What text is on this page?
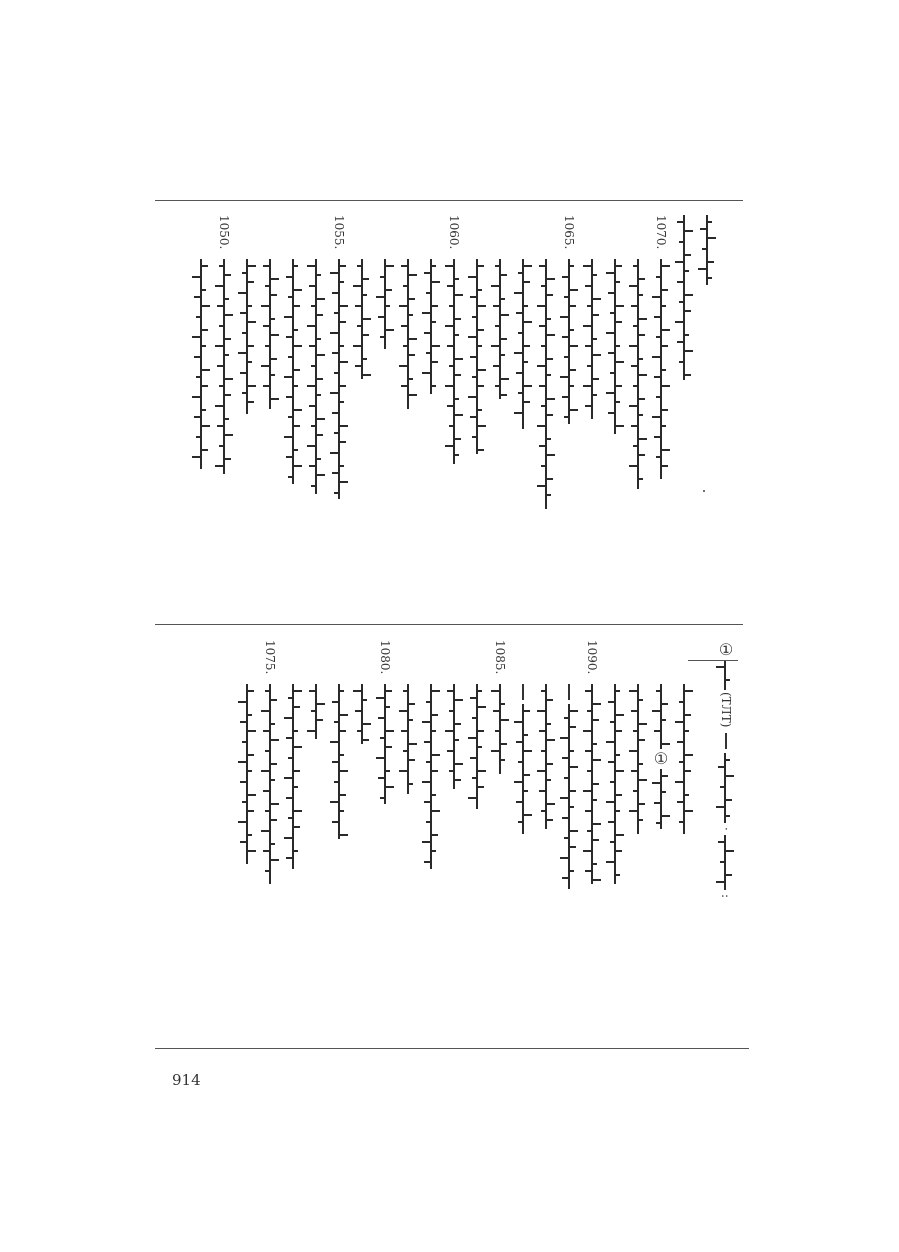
1070.
1065.
1060.
1055.
1050.
①
(TЛT)
·
:
①
1090.
1085.
1080.
1075.
914
